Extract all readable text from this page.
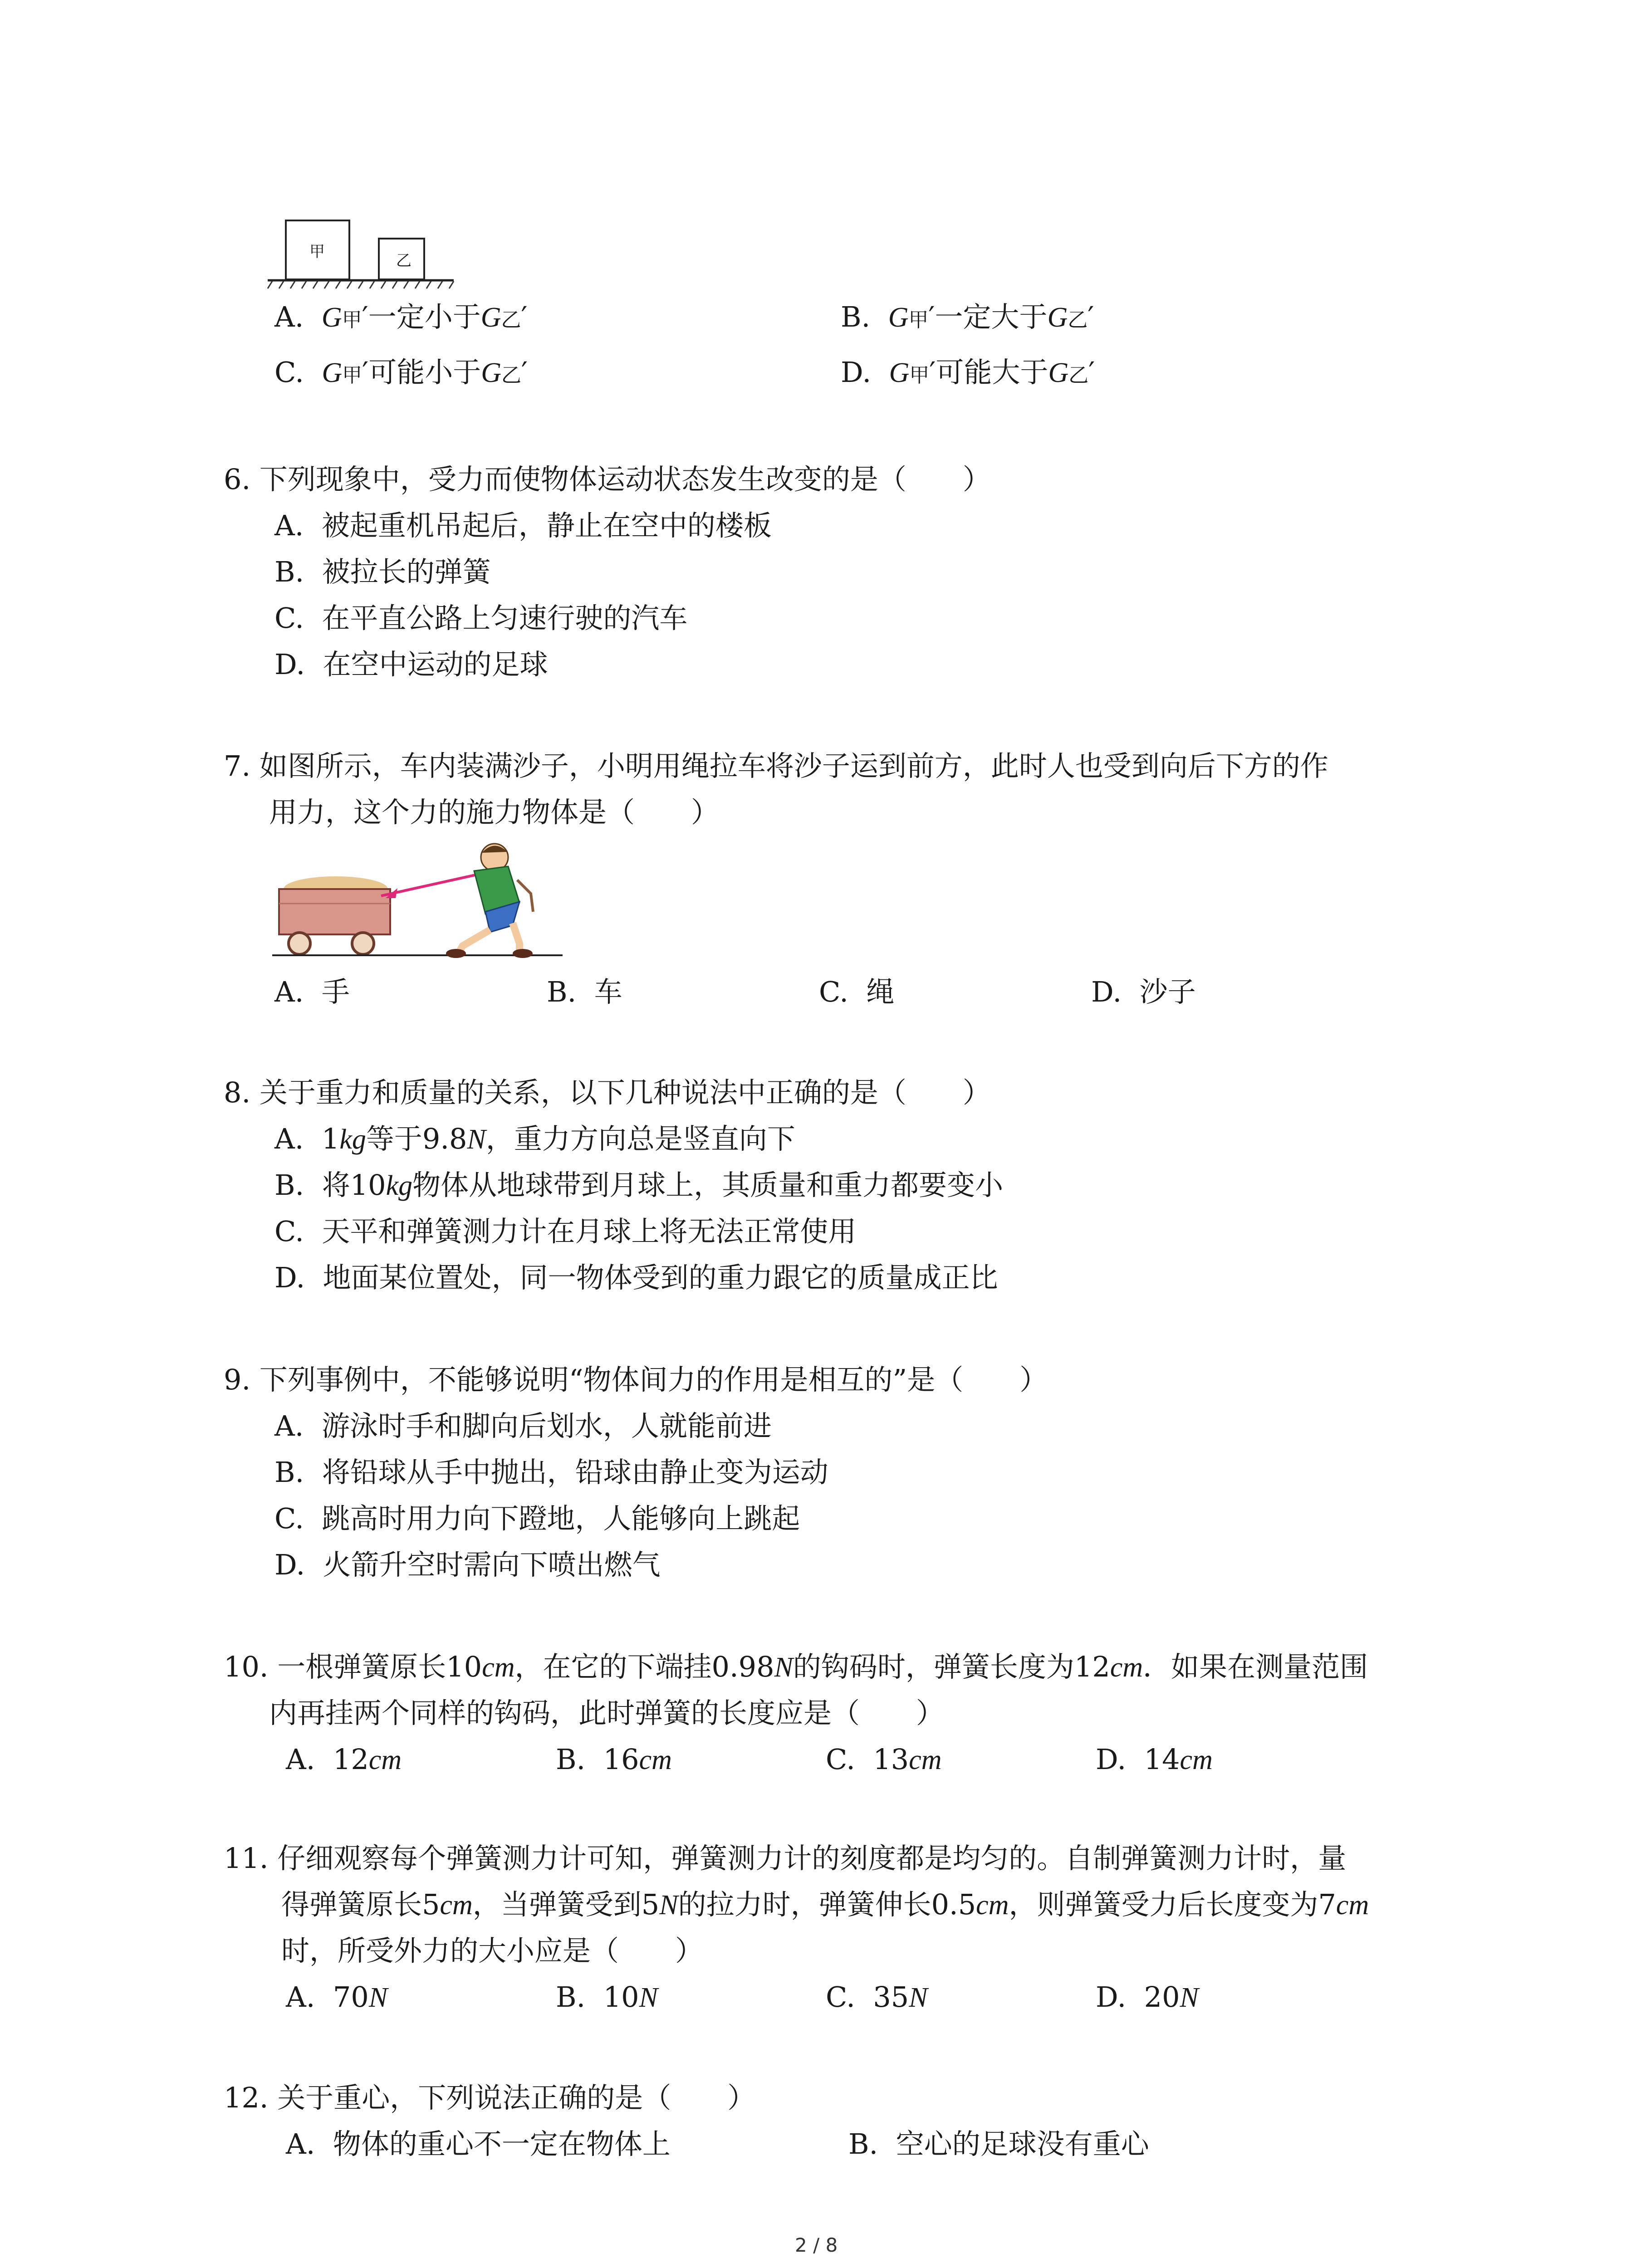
甲	乙
A. G甲′一定小于G乙′	B. G甲′一定大于G乙′
C. G甲′可能小于G乙′	D. G甲′可能大于G乙′
6. 下列现象中，受力而使物体运动状态发生改变的是（　　）
A. 被起重机吊起后，静止在空中的楼板
B. 被拉长的弹簧
C. 在平直公路上匀速行驶的汽车
D. 在空中运动的足球
7. 如图所示，车内装满沙子，小明用绳拉车将沙子运到前方，此时人也受到向后下方的作
用力，这个力的施力物体是（　　）
A. 手	B. 车	C. 绳	D. 沙子
8. 关于重力和质量的关系，以下几种说法中正确的是（　　）
A. 1kg等于9.8N，重力方向总是竖直向下
B. 将10kg物体从地球带到月球上，其质量和重力都要变小
C. 天平和弹簧测力计在月球上将无法正常使用
D. 地面某位置处，同一物体受到的重力跟它的质量成正比
9. 下列事例中，不能够说明“物体间力的作用是相互的”是（　　）
A. 游泳时手和脚向后划水，人就能前进
B. 将铅球从手中抛出，铅球由静止变为运动
C. 跳高时用力向下蹬地，人能够向上跳起
D. 火箭升空时需向下喷出燃气
10. 一根弹簧原长10cm，在它的下端挂0.98N的钩码时，弹簧长度为12cm．如果在测量范围
内再挂两个同样的钩码，此时弹簧的长度应是（　　）
A. 12cm	B. 16cm	C. 13cm	D. 14cm
11. 仔细观察每个弹簧测力计可知，弹簧测力计的刻度都是均匀的。自制弹簧测力计时，量
得弹簧原长5cm，当弹簧受到5N的拉力时，弹簧伸长0.5cm，则弹簧受力后长度变为7cm
时，所受外力的大小应是（　　）
A. 70N	B. 10N	C. 35N	D. 20N
12. 关于重心，下列说法正确的是（　　）
A. 物体的重心不一定在物体上	B. 空心的足球没有重心
2 / 8
